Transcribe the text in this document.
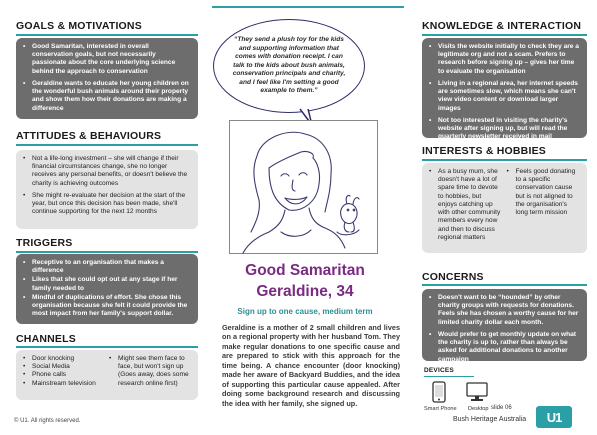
GOALS & MOTIVATIONS
• Good Samaritan, interested in overall conservation goals, but not necessarily passionate about the core underlying science behind the approach to conservation
• Geraldine wants to educate her young children on the wonderful bush animals around their property and show them how their donations are making a difference
ATTITUDES & BEHAVIOURS
• Not a life-long investment – she will change if their financial circumstances change, she no longer receives any personal benefits, or doesn't believe the charity is achieving outcomes
• She might re-evaluate her decision at the start of the year, but once this decision has been made, she'll continue supporting for the next 12 months
TRIGGERS
• Receptive to an organisation that makes a difference
• Likes that she could opt out at any stage if her family needed to
• Mindful of duplications of effort. She chose this organisation because she felt it could provide the most impact from her family's support dollar.
CHANNELS
• Door knocking
• Social Media
• Phone calls
• Mainstream television
• Might see them face to face, but won't sign up (Goes away, does some research online first)
“They send a plush toy for the kids and supporting information that comes with donation receipt. I can talk to the kids about bush animals, conservation principals and charity, and I feel like I'm setting a good example to them.”
Good Samaritan
Geraldine, 34
Sign up to one cause, medium term
Geraldine is a mother of 2 small children and lives on a regional property with her husband Tom. They make regular donations to one specific cause and are prepared to stick with this approach for the time being. A chance encounter (door knocking) made her aware of Backyard Buddies, and the idea of supporting this particular cause appealed. After doing some background research and discussing the idea with her family, she signed up.
KNOWLEDGE & INTERACTION
• Visits the website initially to check they are a legitimate org and not a scam. Prefers to research before signing up – gives her time to evaluate the organisation
• Living in a regional area, her internet speeds are sometimes slow, which means she can't view video content or download larger images
• Not too interested in visiting the charity's website after signing up, but will read the quarterly newsletter received in mail
INTERESTS & HOBBIES
• As a busy mum, she doesn't have a lot of spare time to devote to hobbies, but enjoys catching up with other community members every now and then to discuss regional matters
• Feels good donating to a specific conservation cause but is not aligned to the organisation's long term mission
CONCERNS
• Doesn't want to be “hounded” by other charity groups with requests for donations. Feels she has chosen a worthy cause for her limited charity dollar each month.
• Would prefer to get monthly update on what the charity is up to, rather than always be asked for additional donations to another campaign
DEVICES
Smart Phone Desktop
© U1. All rights reserved.
slide 06
Bush Heritage Australia	U1
